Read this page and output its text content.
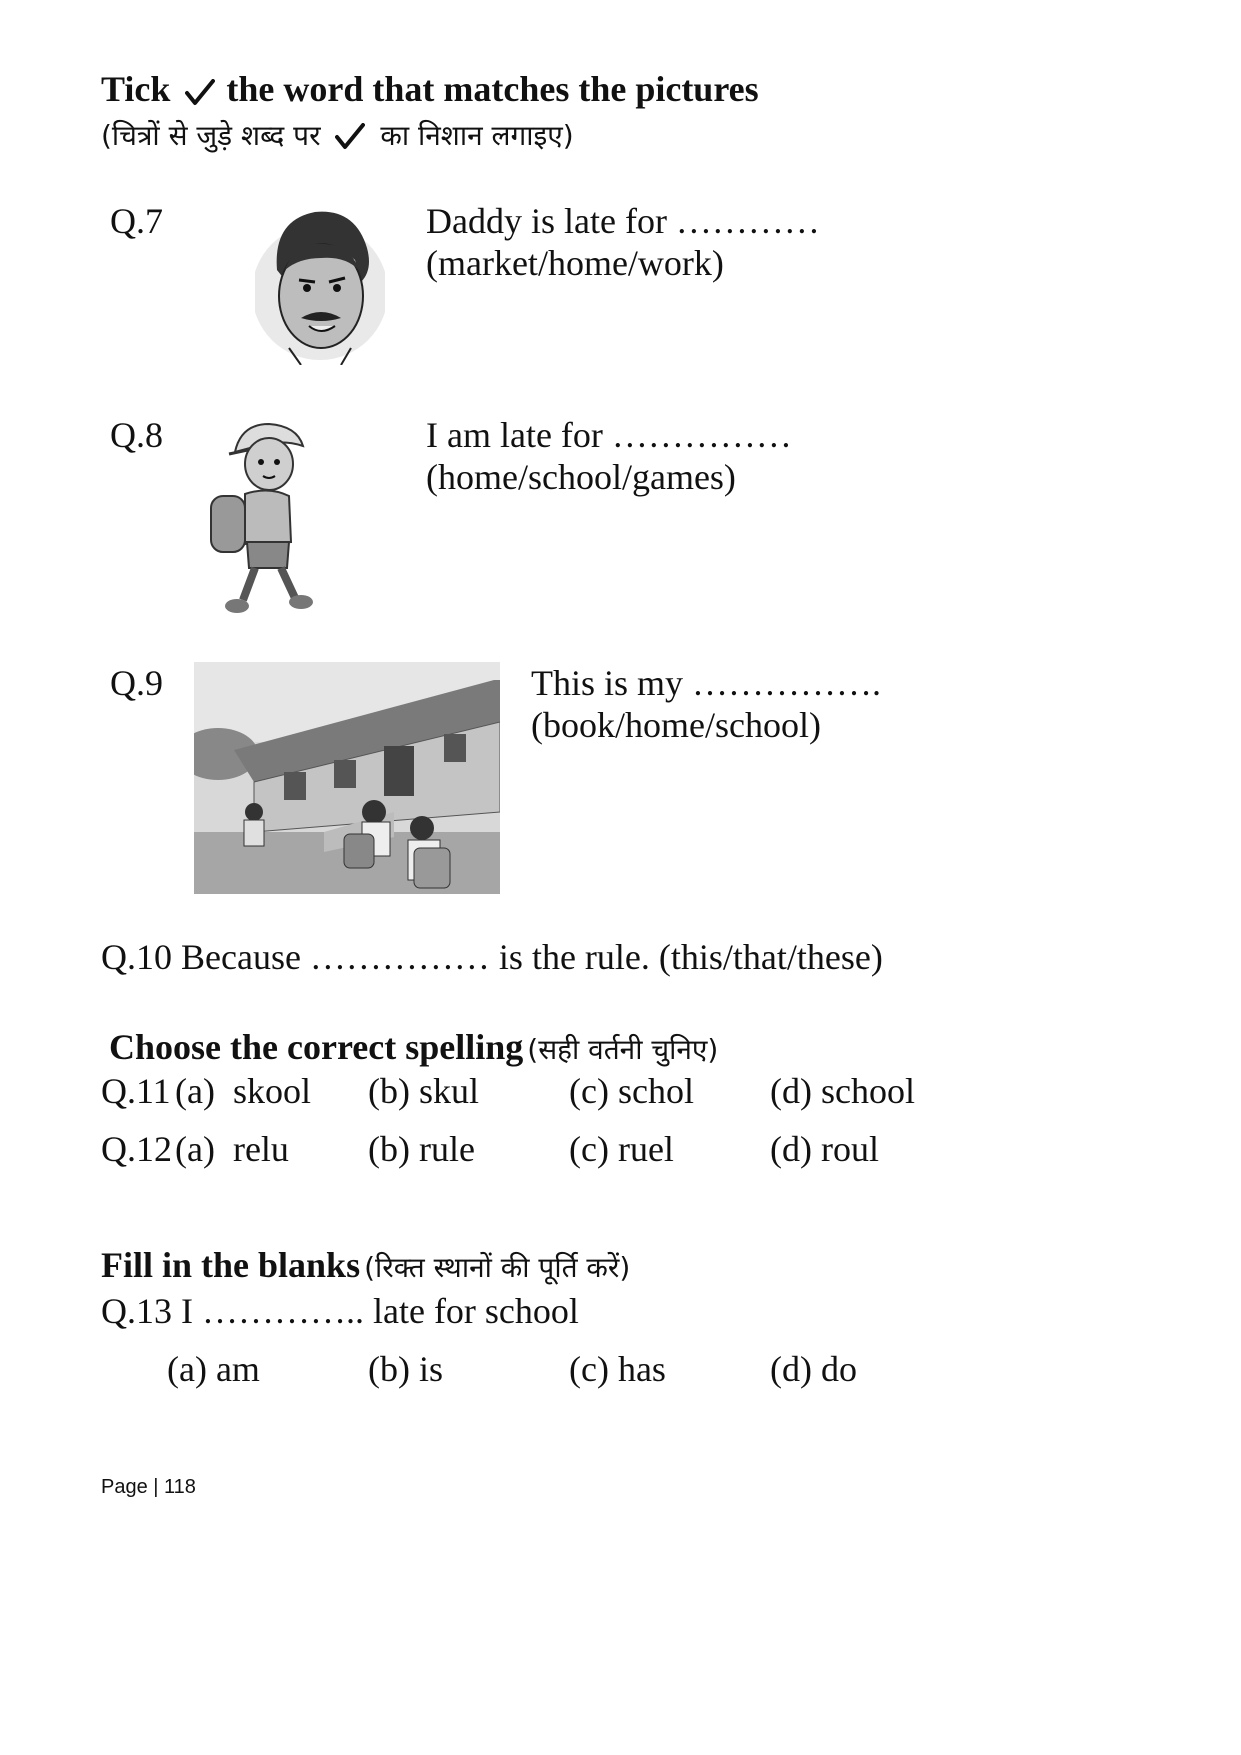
Tick the word that matches the pictures
(चित्रों से जुड़े शब्द पर का निशान लगाइए)
Q.7	Daddy is late for …………
(market/home/work)
Q.8	I am late for ……………
(home/school/games)
Q.9	This is my …………….
(book/home/school)
Q.10 Because …………… is the rule. (this/that/these)
Choose the correct spelling (सही वर्तनी चुनिए)
Q.11 (a)  skool (b) skul	(c) schol (d) school
Q.12 (a)  relu (b) rule	(c) ruel	(d) roul
Fill in the blanks (रिक्त स्थानों की पूर्ति करें)
Q.13 I ………….. late for school
(a) am	(b) is	(c) has	(d) do
Page | 118
